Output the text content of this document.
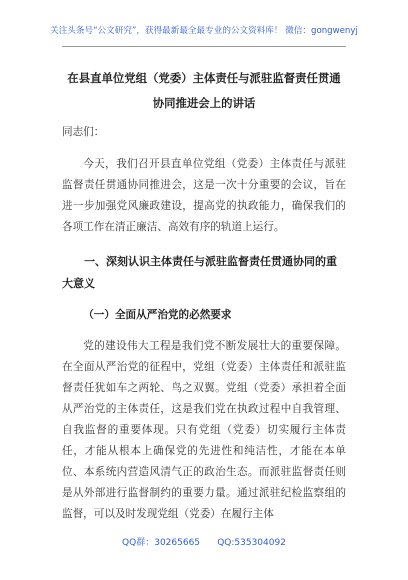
关注头条号“公文研究”，获得最新最全最专业的公文资料库！ 微信：gongwenyj
在县直单位党组（党委）主体责任与派驻监督责任贯通协同推进会上的讲话

同志们：

今天，我们召开县直单位党组（党委）主体责任与派驻监督责任贯通协同推进会，这是一次十分重要的会议，旨在进一步加强党风廉政建设，提高党的执政能力，确保我们的各项工作在清正廉洁、高效有序的轨道上运行。

一、深刻认识主体责任与派驻监督责任贯通协同的重大意义

（一）全面从严治党的必然要求

党的建设伟大工程是我们党不断发展壮大的重要保障。在全面从严治党的征程中，党组（党委）主体责任和派驻监督责任犹如车之两轮、鸟之双翼。党组（党委）承担着全面从严治党的主体责任，这是我们党在执政过程中自我管理、自我监督的重要体现。只有党组（党委）切实履行主体责任，才能从根本上确保党的先进性和纯洁性，才能在本单位、本系统内营造风清气正的政治生态。而派驻监督责任则是从外部进行监督制约的重要力量。通过派驻纪检监察组的监督，可以及时发现党组（党委）在履行主体

QQ群：30265665      QQ:535304092
